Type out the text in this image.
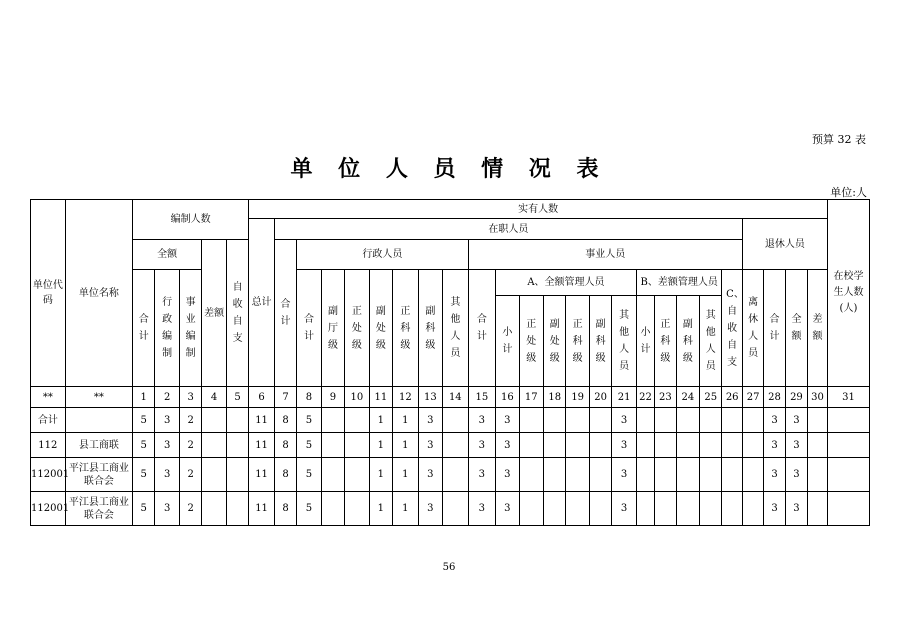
预算 32 表
单 位 人 员 情 况 表
单位:人
单位代码	单位名称	编制人数					实有人数																									在校学生人数(人)
							总计	在职人员																				退休人员				
		全额			差额	自收自支		合计	行政人员							事业人员																
		合计	行政编制	事业编制					合计	副厅级	正处级	副处级	正科级	副科级	其他人员	合计	A、全额管理人员						B、差额管理人员				C、自收自支	离休人员	合计	全额	差额	
																	小计	正处级	副处级	正科级	副科级	其他人员	小计	正科级	副科级	其他人员						
**	**	1	2	3	4	5	6	7	8	9	10	11	12	13	14	15	16	17	18	19	20	21	22	23	24	25	26	27	28	29	30	31
合计		5	3	2			11	8	5			1	1	3		3	3					3							3	3		
112	县工商联	5	3	2			11	8	5			1	1	3		3	3					3							3	3		
112001	平江县工商业联合会	5	3	2			11	8	5			1	1	3		3	3					3							3	3		
112001	平江县工商业联合会	5	3	2			11	8	5			1	1	3		3	3					3							3	3		
56
